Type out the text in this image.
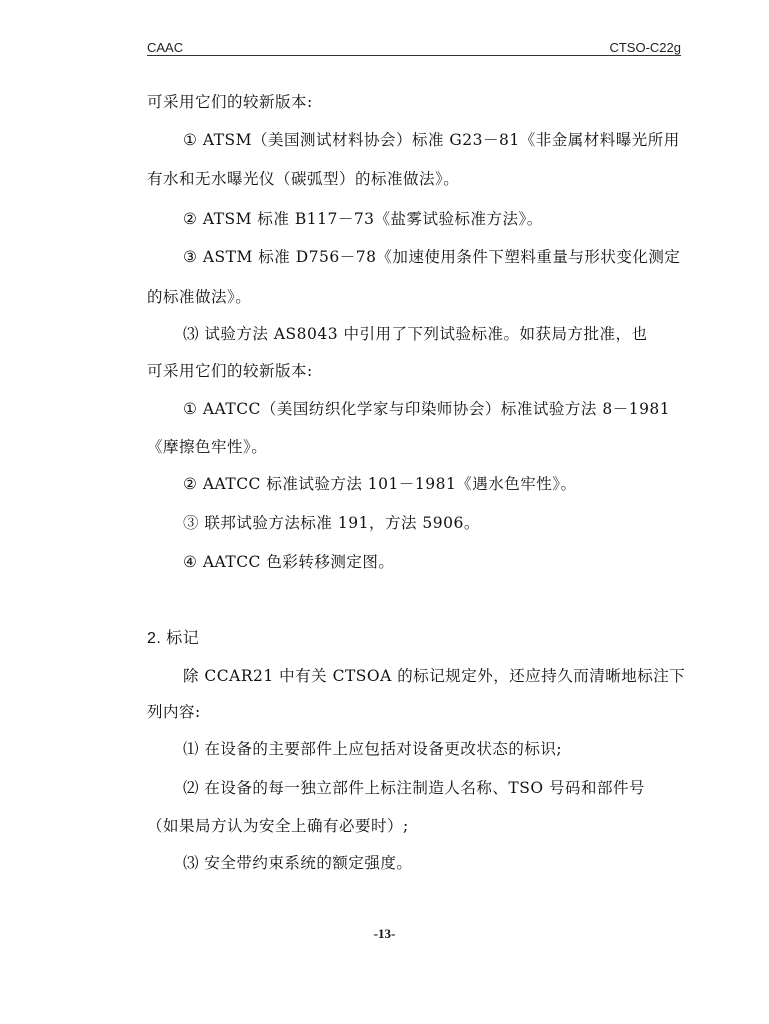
CAAC	CTSO-C22g
可采用它们的较新版本:
① ATSM（美国测试材料协会）标准 G23－81《非金属材料曝光所用
有水和无水曝光仪（碳弧型）的标准做法》。
② ATSM 标准 B117－73《盐雾试验标准方法》。
③ ASTM 标准 D756－78《加速使用条件下塑料重量与形状变化测定
的标准做法》。
⑶ 试验方法 AS8043 中引用了下列试验标准。如获局方批准，也
可采用它们的较新版本:
① AATCC（美国纺织化学家与印染师协会）标准试验方法 8－1981
《摩擦色牢性》。
② AATCC 标准试验方法 101－1981《遇水色牢性》。
③ 联邦试验方法标准 191，方法 5906。
④ AATCC 色彩转移测定图。
2. 标记
除 CCAR21 中有关 CTSOA 的标记规定外，还应持久而清晰地标注下
列内容:
⑴ 在设备的主要部件上应包括对设备更改状态的标识;
⑵ 在设备的每一独立部件上标注制造人名称、TSO 号码和部件号
（如果局方认为安全上确有必要时）;
⑶ 安全带约束系统的额定强度。
-13-
